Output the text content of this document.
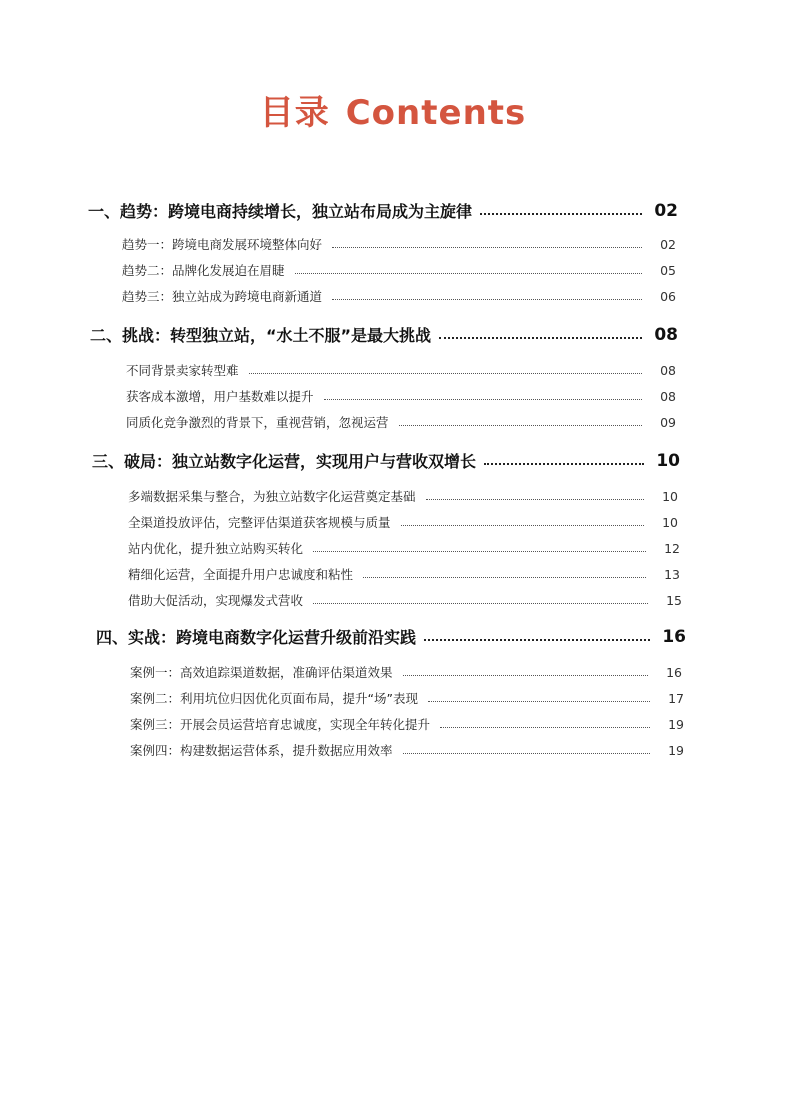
目录 Contents
一、趋势：跨境电商持续增长，独立站布局成为主旋律	02
趋势一：跨境电商发展环境整体向好	02
趋势二：品牌化发展迫在眉睫	05
趋势三：独立站成为跨境电商新通道	06
二、挑战：转型独立站，“水土不服”是最大挑战	08
不同背景卖家转型难	08
获客成本激增，用户基数难以提升	08
同质化竞争激烈的背景下，重视营销，忽视运营	09
三、破局：独立站数字化运营，实现用户与营收双增长	10
多端数据采集与整合，为独立站数字化运营奠定基础	10
全渠道投放评估，完整评估渠道获客规模与质量	10
站内优化，提升独立站购买转化	12
精细化运营，全面提升用户忠诚度和粘性	13
借助大促活动，实现爆发式营收	15
四、实战：跨境电商数字化运营升级前沿实践	16
案例一：高效追踪渠道数据，准确评估渠道效果	16
案例二：利用坑位归因优化页面布局，提升“场”表现	17
案例三：开展会员运营培育忠诚度，实现全年转化提升	19
案例四：构建数据运营体系，提升数据应用效率	19
